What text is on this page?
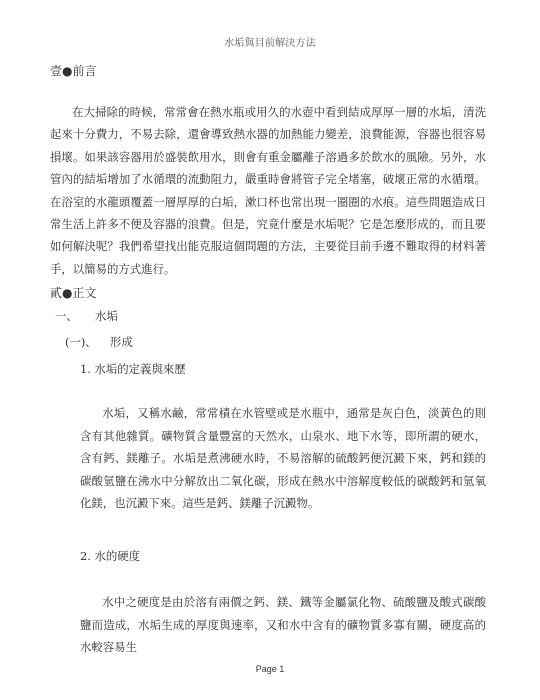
水垢與目前解決方法
壹●前言
在大掃除的時候，常常會在熱水瓶或用久的水壺中看到結成厚厚一層的水垢，清洗起來十分費力，不易去除，還會導致熱水器的加熱能力變差，浪費能源，容器也很容易損壞。如果該容器用於盛裝飲用水，則會有重金屬離子溶過多於飲水的風險。另外，水管內的結垢增加了水循環的流動阻力，嚴重時會將管子完全堵塞，破壞正常的水循環。在浴室的水龍頭覆蓋一層厚厚的白垢，漱口杯也常出現一圈圈的水痕。這些問題造成日常生活上許多不便及容器的浪費。但是，究竟什麼是水垢呢？它是怎麼形成的，而且要如何解決呢？我們希望找出能克服這個問題的方法，主要從目前手邊不難取得的材料著手，以簡易的方式進行。
貳●正文
一、 水垢
(一)、 形成
1. 水垢的定義與來歷
水垢，又稱水鹼，常常積在水管壁或是水瓶中，通常是灰白色，淡黃色的則含有其他雜質。礦物質含量豐富的天然水，山泉水、地下水等，即所謂的硬水，含有鈣、鎂離子。水垢是煮沸硬水時，不易溶解的硫酸鈣便沉澱下來，鈣和鎂的碳酸氫鹽在沸水中分解放出二氧化碳，形成在熱水中溶解度較低的碳酸鈣和氫氧化鎂，也沉澱下來。這些是鈣、鎂離子沉澱物。
2. 水的硬度
水中之硬度是由於溶有兩價之鈣、鎂、鐵等金屬氯化物、硫酸鹽及酸式碳酸鹽而造成，水垢生成的厚度與速率，又和水中含有的礦物質多寡有關，硬度高的水較容易生
Page 1
